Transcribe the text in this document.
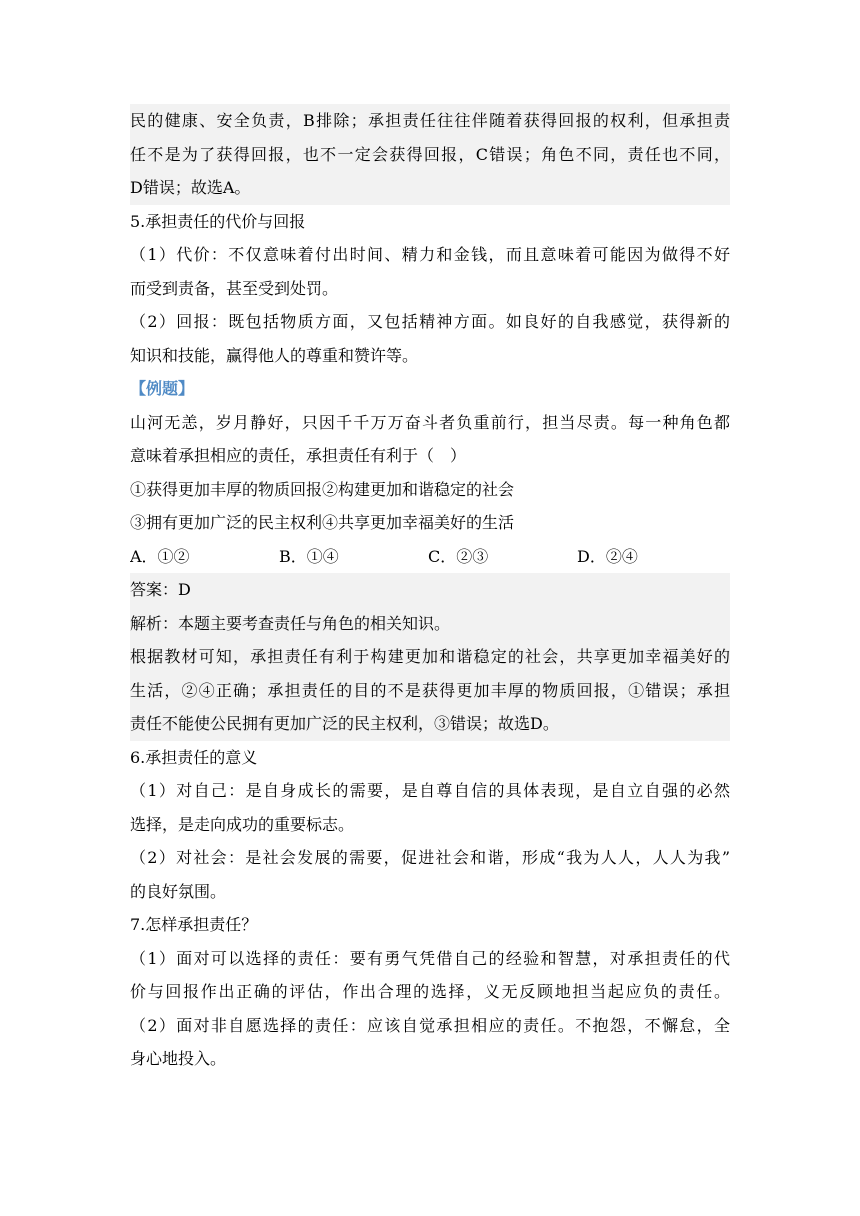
民的健康、安全负责，B排除；承担责任往往伴随着获得回报的权利，但承担责
任不是为了获得回报，也不一定会获得回报，C错误；角色不同，责任也不同，
D错误；故选A。
5.承担责任的代价与回报
（1）代价：不仅意味着付出时间、精力和金钱，而且意味着可能因为做得不好
而受到责备，甚至受到处罚。
（2）回报：既包括物质方面，又包括精神方面。如良好的自我感觉，获得新的
知识和技能，赢得他人的尊重和赞许等。
【例题】
山河无恙，岁月静好，只因千千万万奋斗者负重前行，担当尽责。每一种角色都
意味着承担相应的责任，承担责任有利于（　）
①获得更加丰厚的物质回报②构建更加和谐稳定的社会
③拥有更加广泛的民主权利④共享更加幸福美好的生活
A．①②	B．①④	C．②③	D．②④
答案：D
解析：本题主要考查责任与角色的相关知识。
根据教材可知，承担责任有利于构建更加和谐稳定的社会，共享更加幸福美好的
生活，②④正确；承担责任的目的不是获得更加丰厚的物质回报，①错误；承担
责任不能使公民拥有更加广泛的民主权利，③错误；故选D。
6.承担责任的意义
（1）对自己：是自身成长的需要，是自尊自信的具体表现，是自立自强的必然
选择，是走向成功的重要标志。
（2）对社会：是社会发展的需要，促进社会和谐，形成“我为人人，人人为我”
的良好氛围。
7.怎样承担责任？
（1）面对可以选择的责任：要有勇气凭借自己的经验和智慧，对承担责任的代
价与回报作出正确的评估，作出合理的选择，义无反顾地担当起应负的责任。
（2）面对非自愿选择的责任：应该自觉承担相应的责任。不抱怨，不懈怠，全
身心地投入。
